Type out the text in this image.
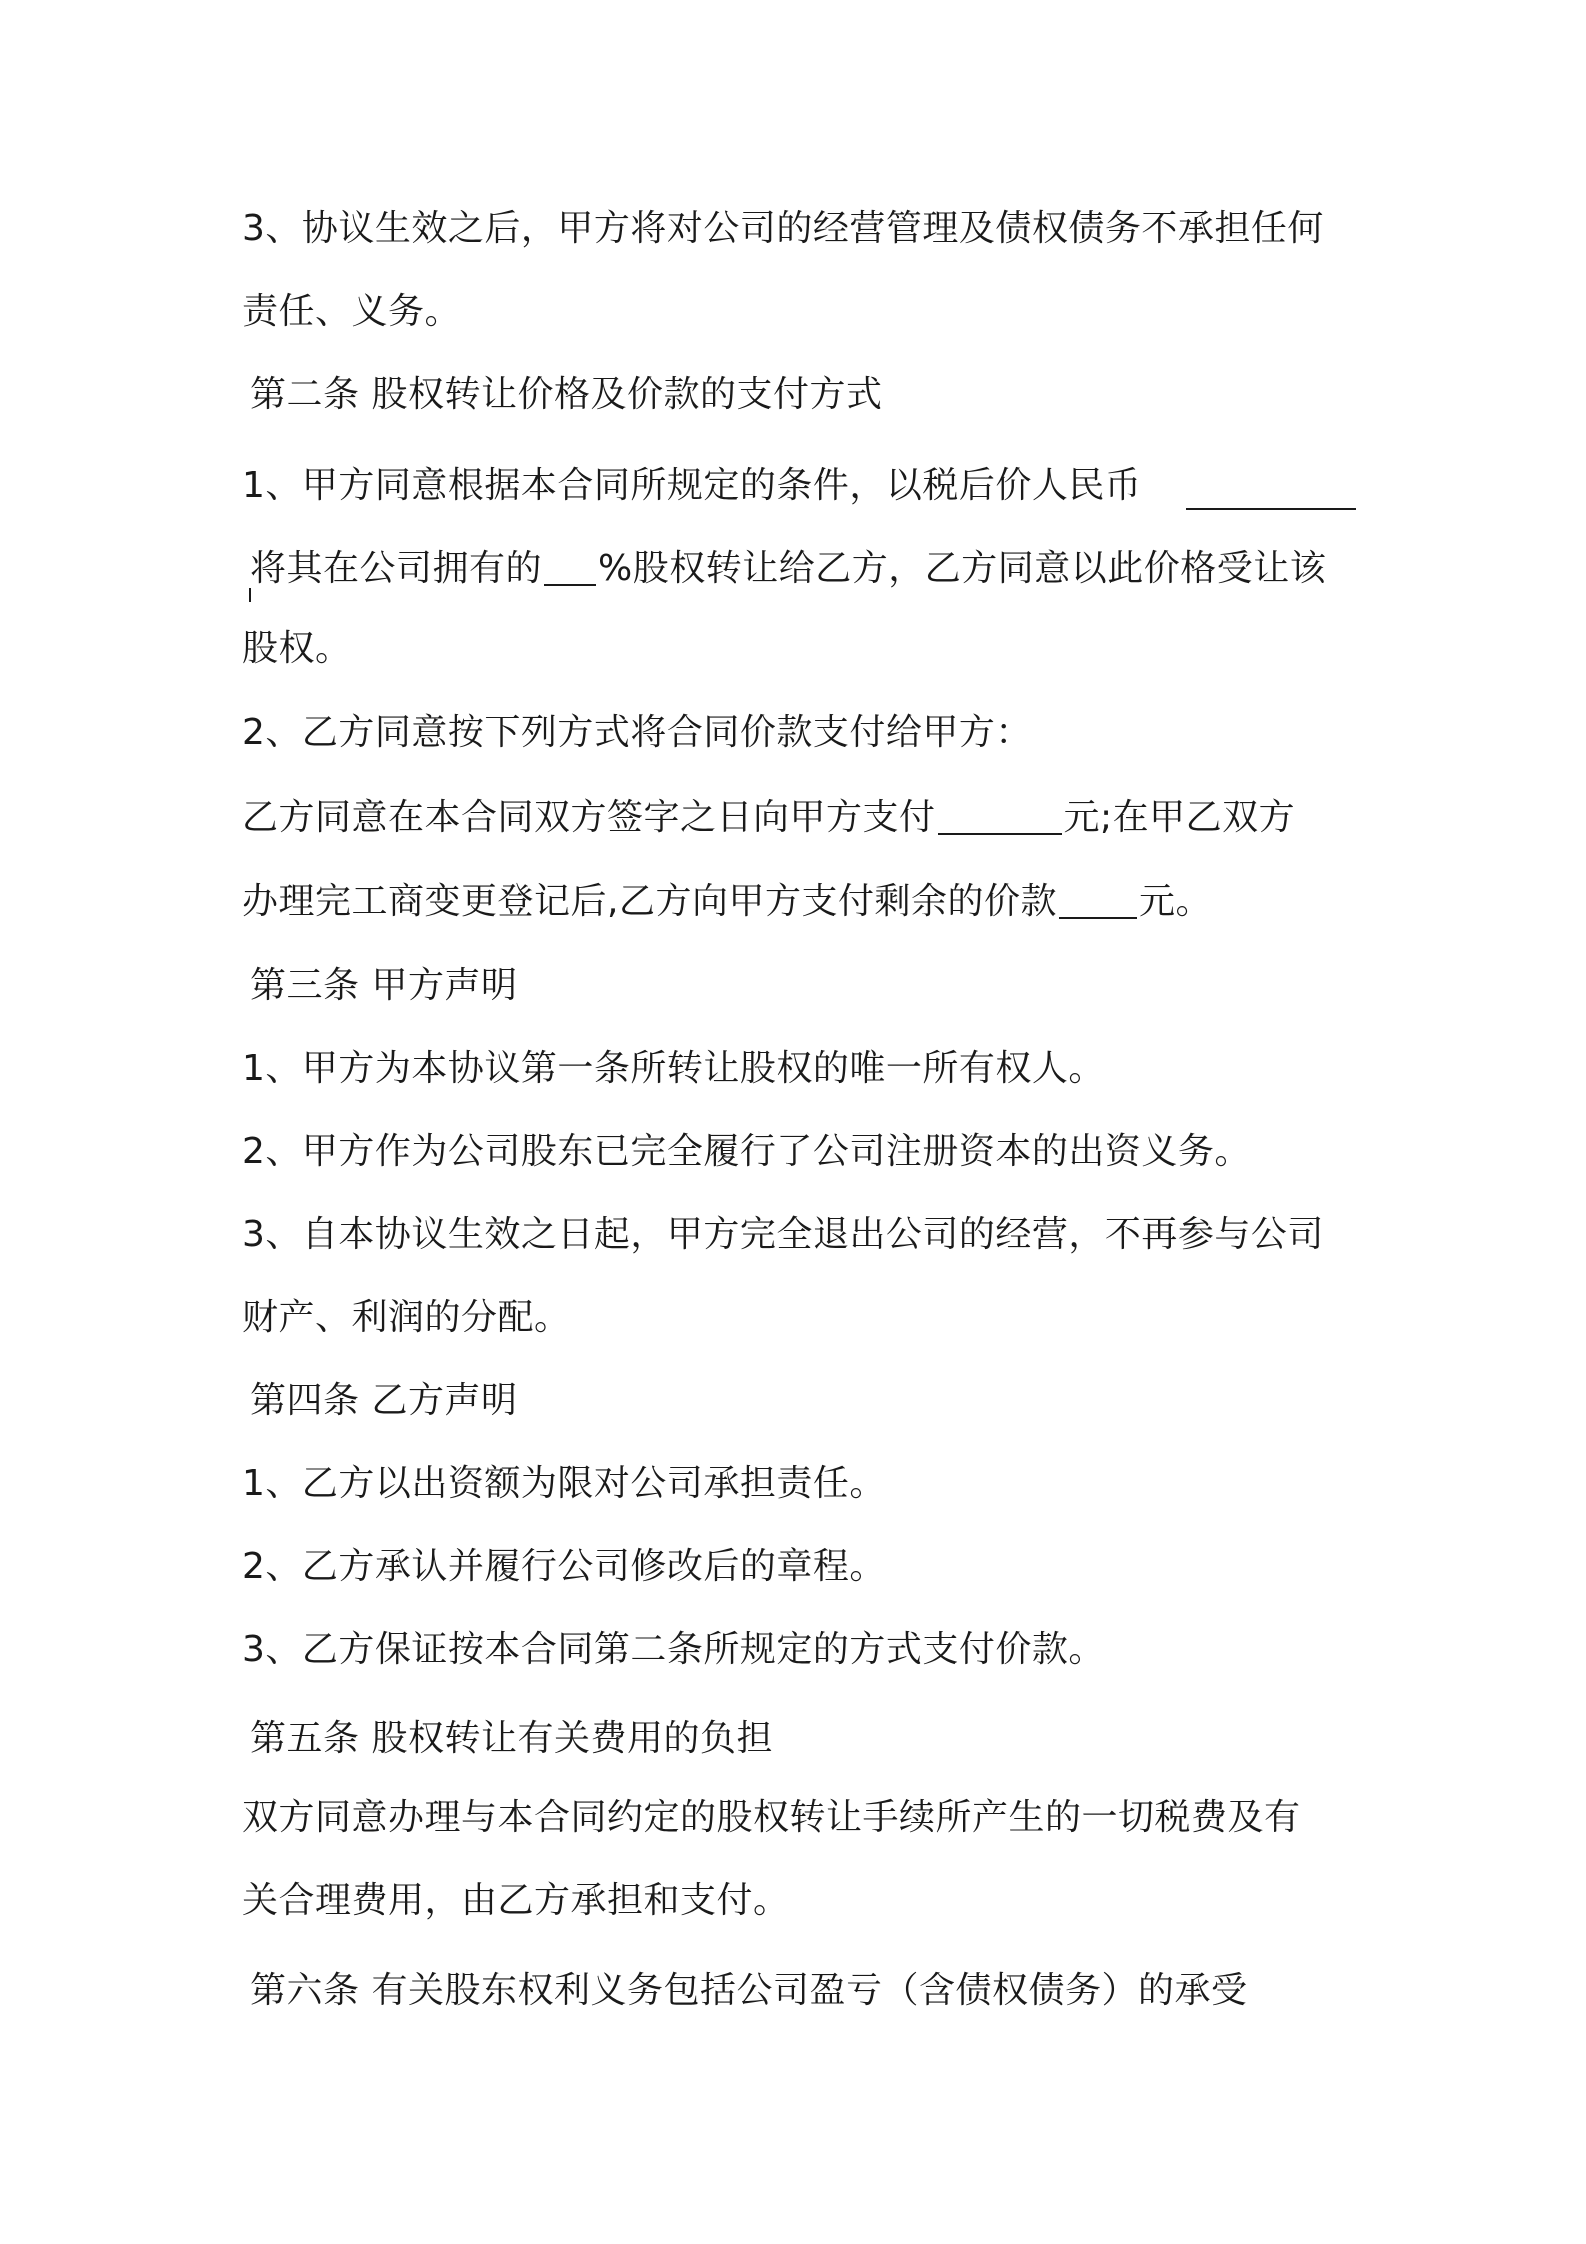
3、协议生效之后，甲方将对公司的经营管理及债权债务不承担任何
责任、义务。
第二条 股权转让价格及价款的支付方式
1、甲方同意根据本合同所规定的条件，以税后价人民币
将其在公司拥有的 %股权转让给乙方，乙方同意以此价格受让该
股权。
2、乙方同意按下列方式将合同价款支付给甲方：
乙方同意在本合同双方签字之日向甲方支付	元;在甲乙双方
办理完工商变更登记后,乙方向甲方支付剩余的价款 元。
第三条 甲方声明
1、甲方为本协议第一条所转让股权的唯一所有权人。
2、甲方作为公司股东已完全履行了公司注册资本的出资义务。
3、自本协议生效之日起，甲方完全退出公司的经营，不再参与公司
财产、利润的分配。
第四条 乙方声明
1、乙方以出资额为限对公司承担责任。
2、乙方承认并履行公司修改后的章程。
3、乙方保证按本合同第二条所规定的方式支付价款。
第五条 股权转让有关费用的负担
双方同意办理与本合同约定的股权转让手续所产生的一切税费及有
关合理费用，由乙方承担和支付。
第六条 有关股东权利义务包括公司盈亏（含债权债务）的承受
